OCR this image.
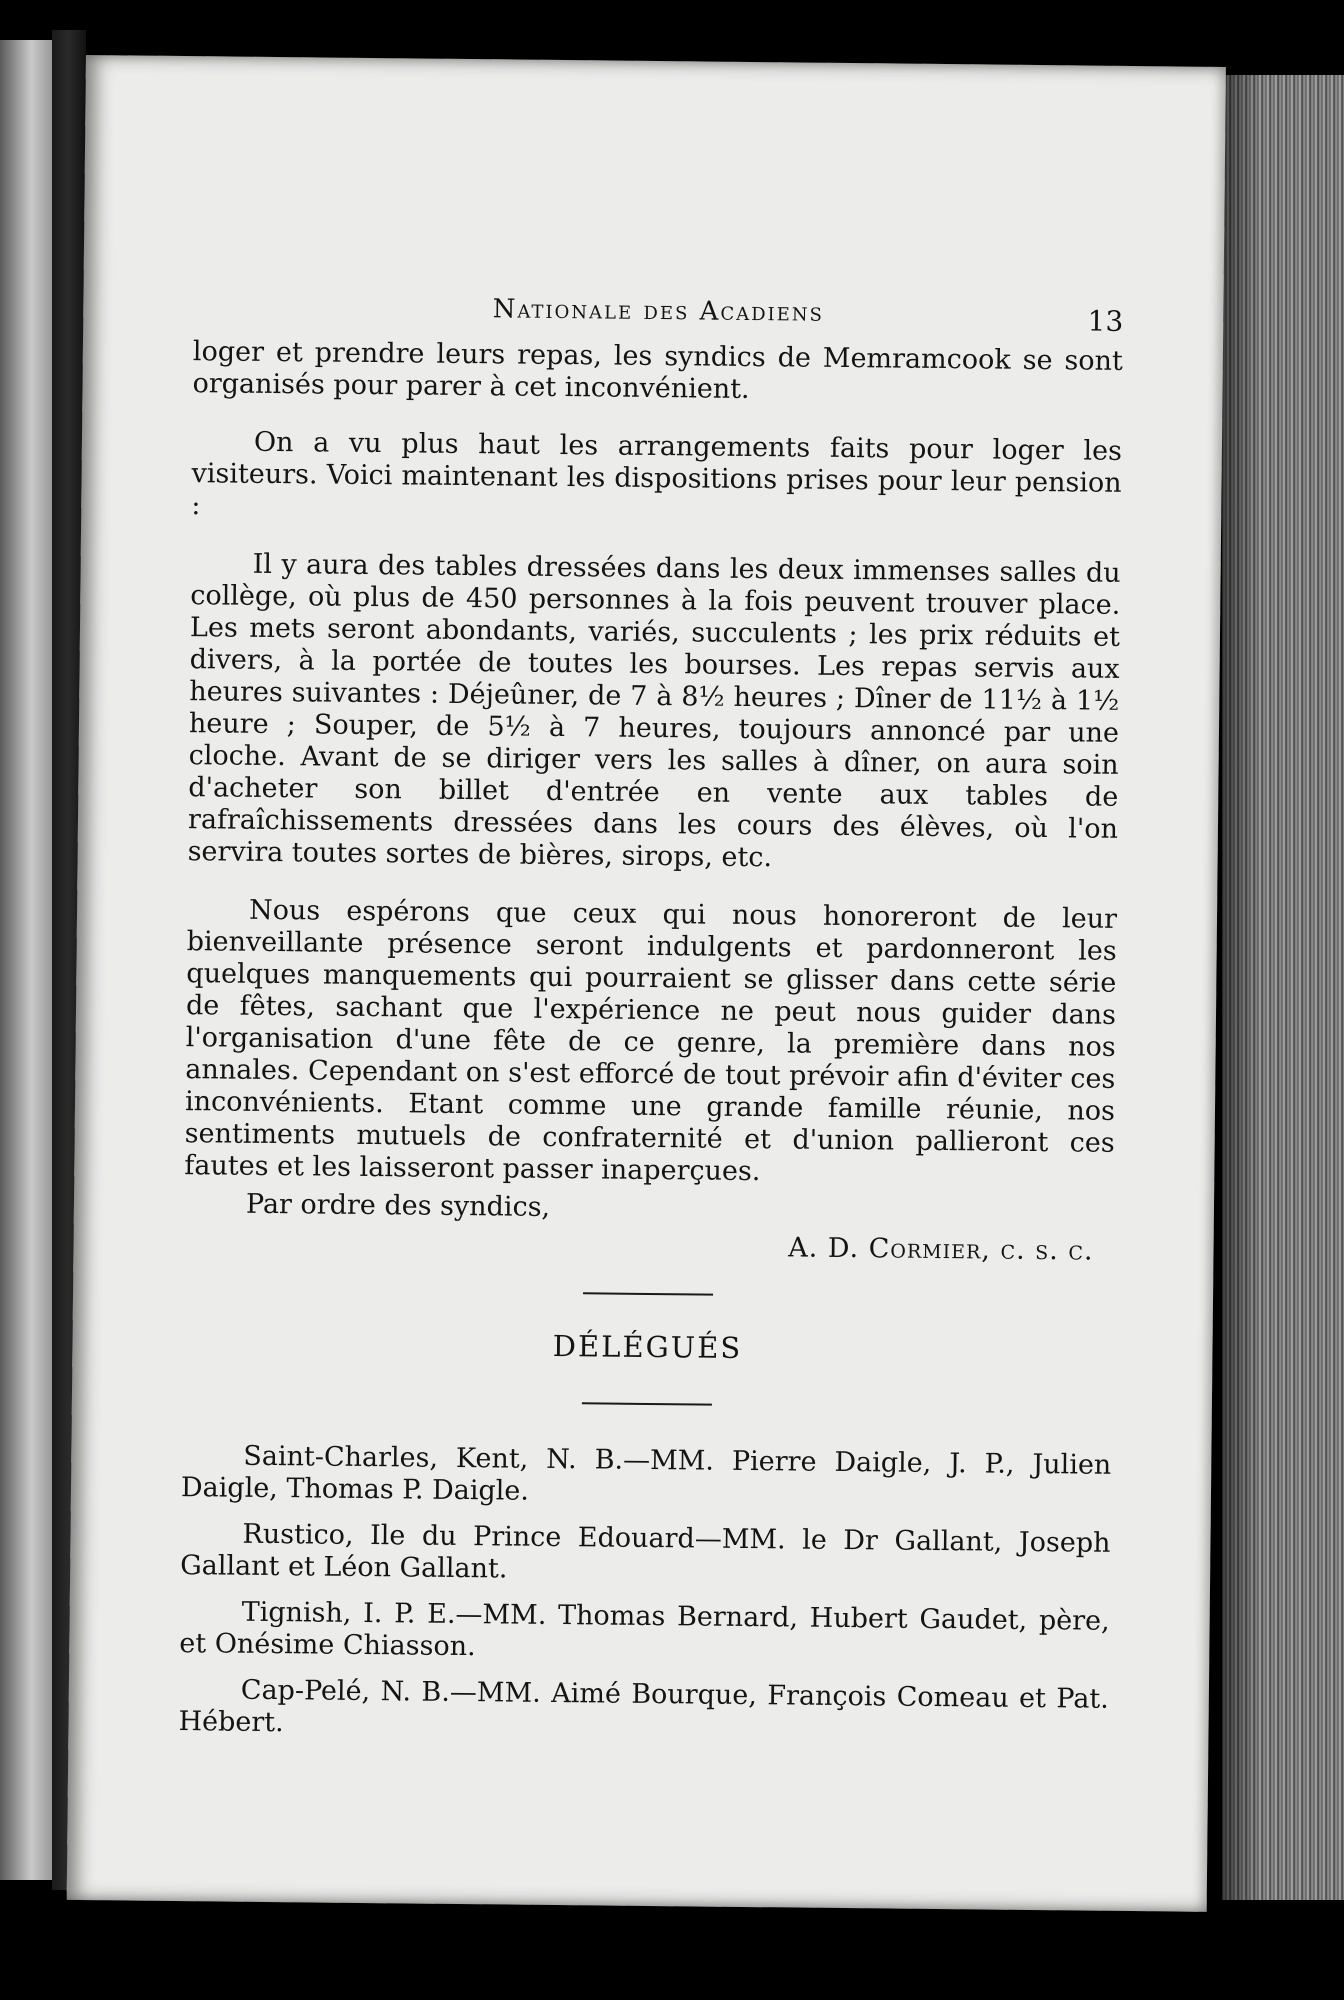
Nationale des Acadiens	13

loger et prendre leurs repas, les syndics de Memramcook se sont organisés pour parer à cet inconvénient.

On a vu plus haut les arrangements faits pour loger les visiteurs. Voici maintenant les dispositions prises pour leur pension :

Il y aura des tables dressées dans les deux immenses salles du collège, où plus de 450 personnes à la fois peuvent trouver place. Les mets seront abondants, variés, succulents ; les prix réduits et divers, à la portée de toutes les bourses. Les repas servis aux heures suivantes : Déjeûner, de 7 à 8½ heures ; Dîner de 11½ à 1½ heure ; Souper, de 5½ à 7 heures, toujours annoncé par une cloche. Avant de se diriger vers les salles à dîner, on aura soin d'acheter son billet d'entrée en vente aux tables de rafraîchissements dressées dans les cours des élèves, où l'on servira toutes sortes de bières, sirops, etc.

Nous espérons que ceux qui nous honoreront de leur bienveillante présence seront indulgents et pardonneront les quelques manquements qui pourraient se glisser dans cette série de fêtes, sachant que l'expérience ne peut nous guider dans l'organisation d'une fête de ce genre, la première dans nos annales. Cependant on s'est efforcé de tout prévoir afin d'éviter ces inconvénients. Etant comme une grande famille réunie, nos sentiments mutuels de confraternité et d'union pallieront ces fautes et les laisseront passer inaperçues.

Par ordre des syndics,

A. D. Cormier, c. s. c.
DÉLÉGUÉS

Saint-Charles, Kent, N. B.—MM. Pierre Daigle, J. P., Julien Daigle, Thomas P. Daigle.

Rustico, Ile du Prince Edouard—MM. le Dr Gallant, Joseph Gallant et Léon Gallant.

Tignish, I. P. E.—MM. Thomas Bernard, Hubert Gaudet, père, et Onésime Chiasson.

Cap-Pelé, N. B.—MM. Aimé Bourque, François Comeau et Pat. Hébert.
